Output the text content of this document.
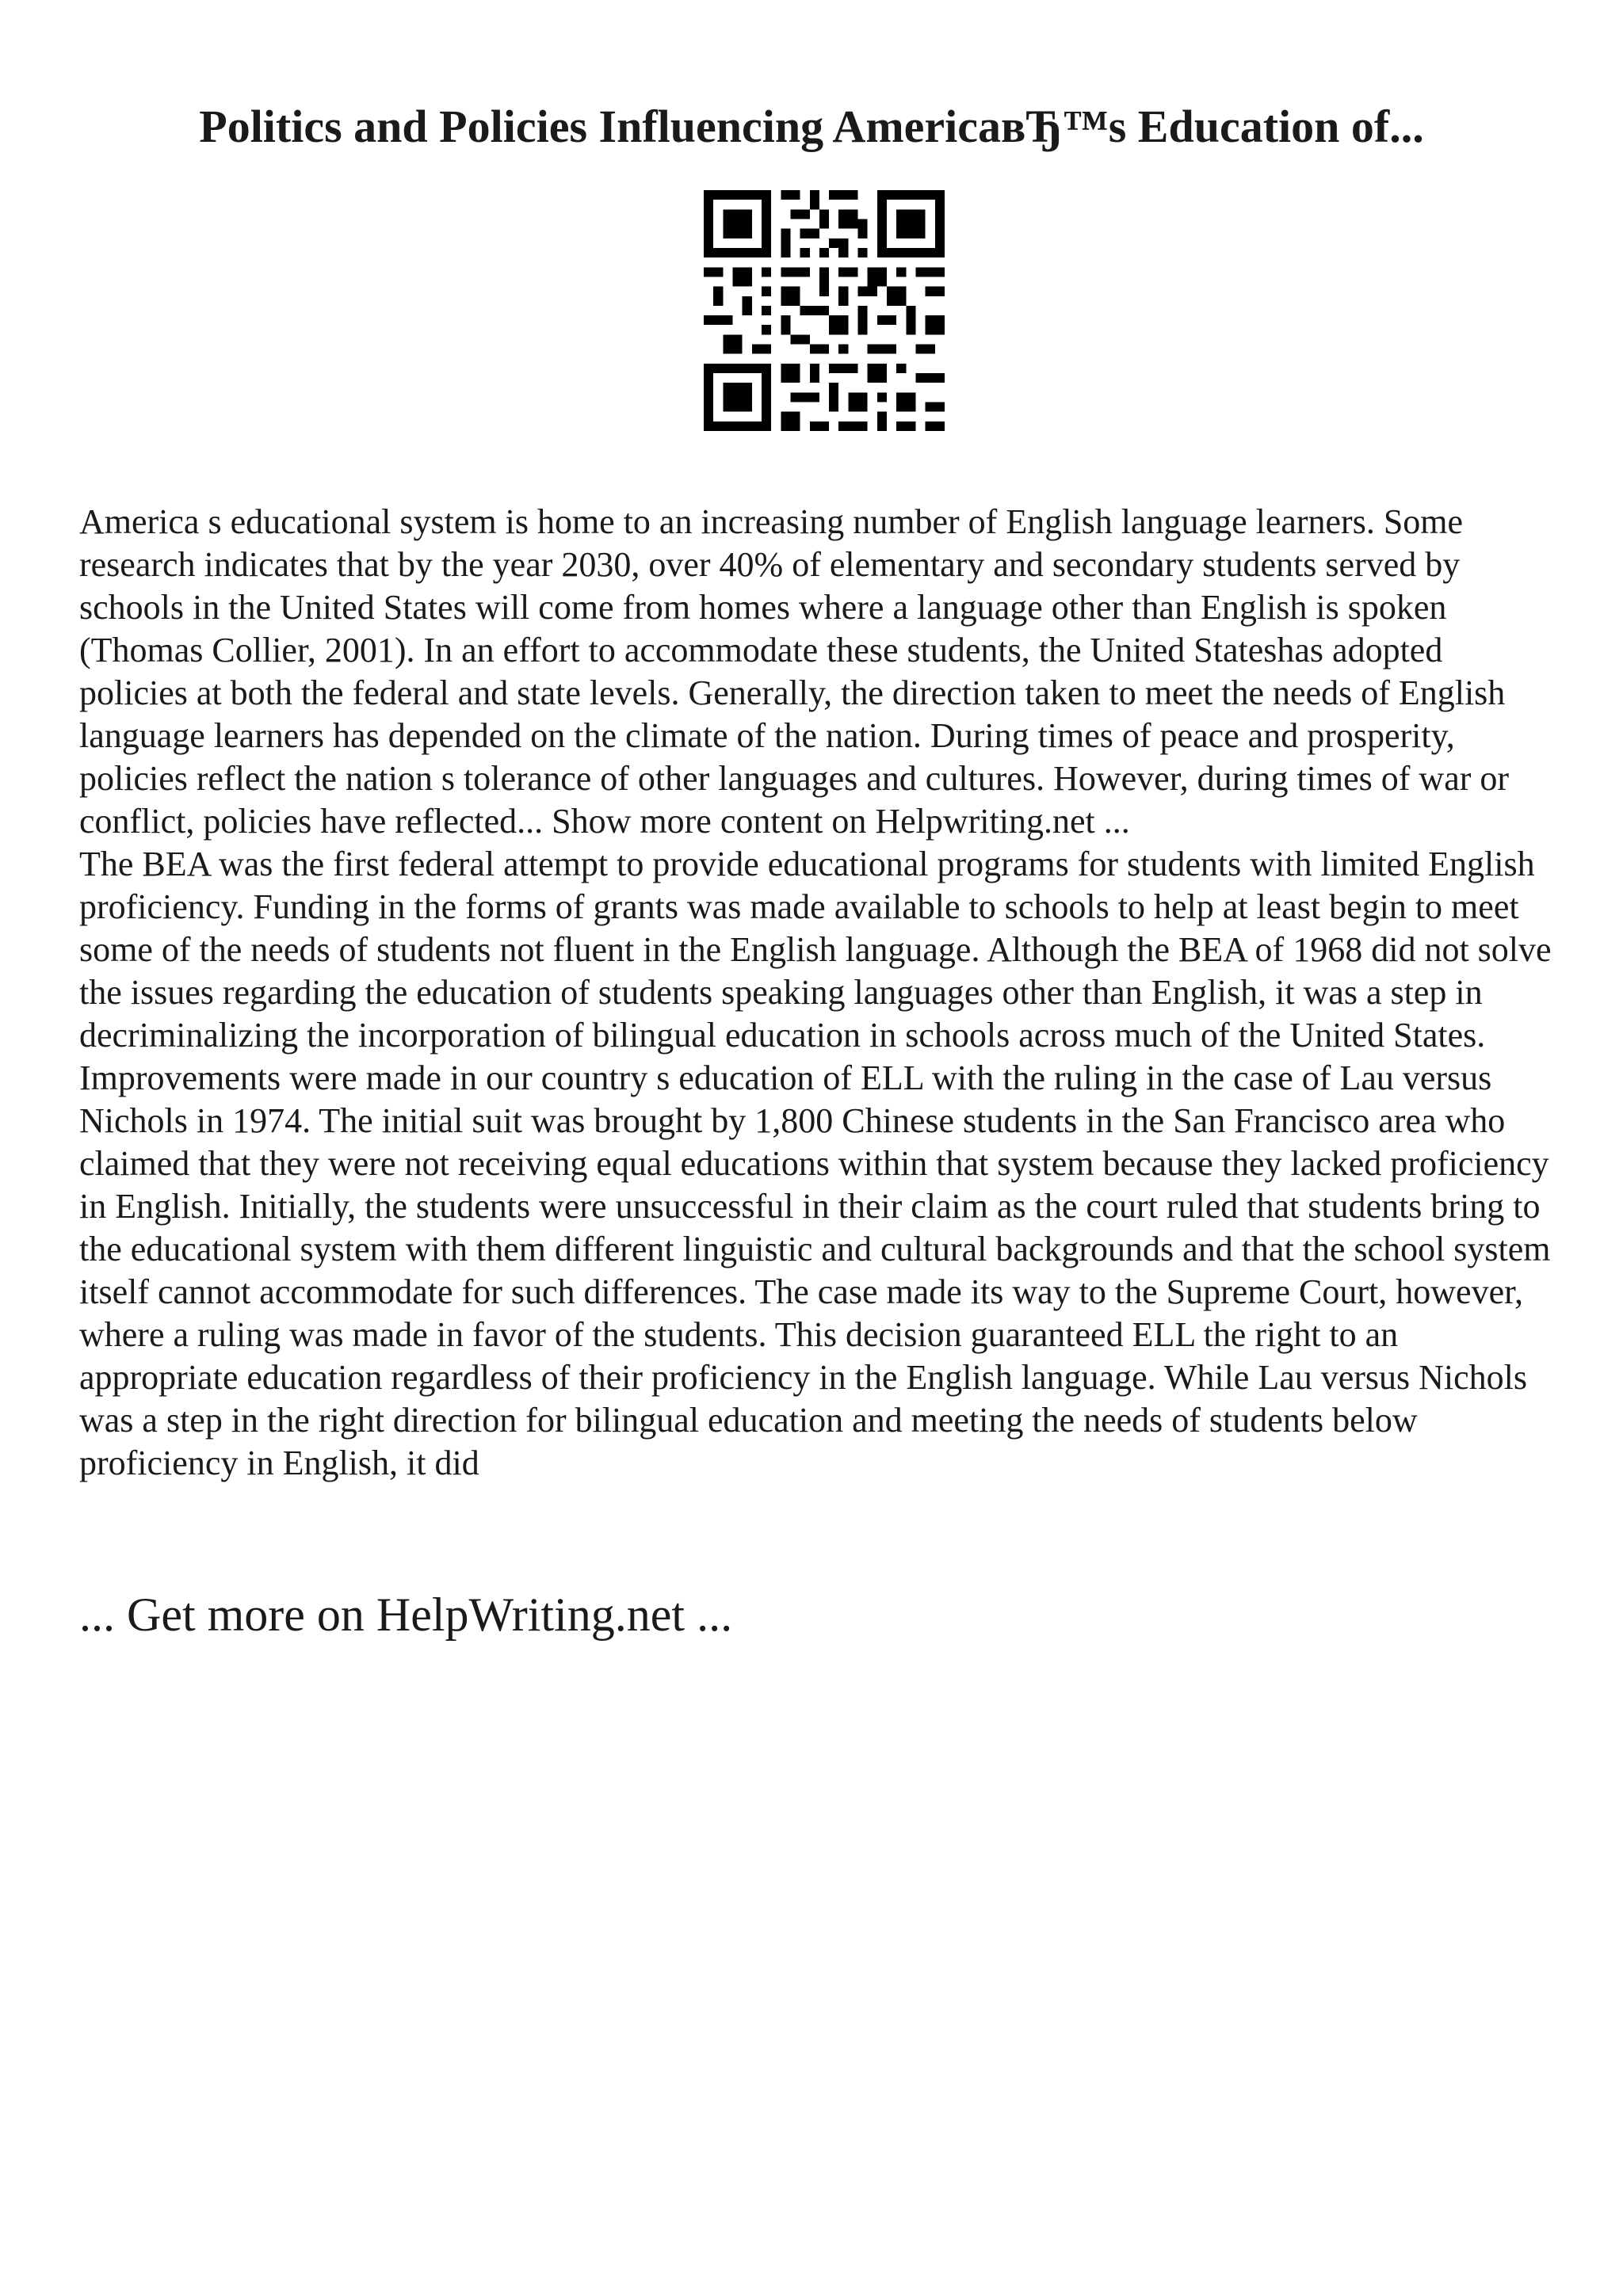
Politics and Policies Influencing AmericaвЂ™s Education of...

America s educational system is home to an increasing number of English language learners. Some research indicates that by the year 2030, over 40% of elementary and secondary students served by schools in the United States will come from homes where a language other than English is spoken (Thomas Collier, 2001). In an effort to accommodate these students, the United Stateshas adopted policies at both the federal and state levels. Generally, the direction taken to meet the needs of English language learners has depended on the climate of the nation. During times of peace and prosperity, policies reflect the nation s tolerance of other languages and cultures. However, during times of war or conflict, policies have reflected... Show more content on Helpwriting.net ...

The BEA was the first federal attempt to provide educational programs for students with limited English proficiency. Funding in the forms of grants was made available to schools to help at least begin to meet some of the needs of students not fluent in the English language. Although the BEA of 1968 did not solve the issues regarding the education of students speaking languages other than English, it was a step in decriminalizing the incorporation of bilingual education in schools across much of the United States. Improvements were made in our country s education of ELL with the ruling in the case of Lau versus Nichols in 1974. The initial suit was brought by 1,800 Chinese students in the San Francisco area who claimed that they were not receiving equal educations within that system because they lacked proficiency in English. Initially, the students were unsuccessful in their claim as the court ruled that students bring to the educational system with them different linguistic and cultural backgrounds and that the school system itself cannot accommodate for such differences. The case made its way to the Supreme Court, however, where a ruling was made in favor of the students. This decision guaranteed ELL the right to an appropriate education regardless of their proficiency in the English language. While Lau versus Nichols was a step in the right direction for bilingual education and meeting the needs of students below proficiency in English, it did

... Get more on HelpWriting.net ...
